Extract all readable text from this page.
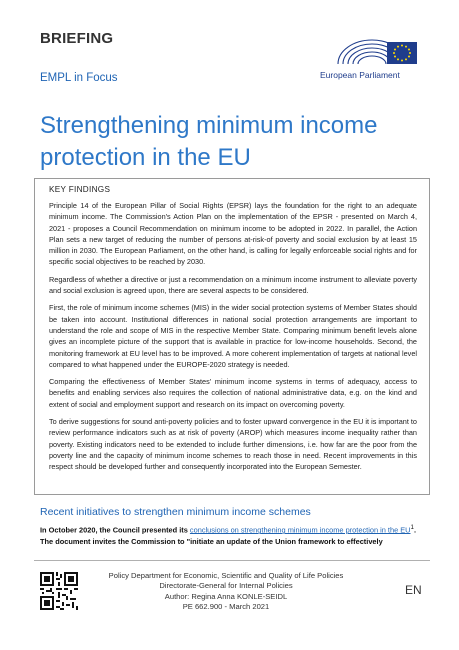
BRIEFING
European Parliament
EMPL in Focus
Strengthening minimum income
protection in the EU
KEY FINDINGS

Principle 14 of the European Pillar of Social Rights (EPSR) lays the foundation for the right to an adequate minimum income. The Commission's Action Plan on the implementation of the EPSR - presented on March 4, 2021 - proposes a Council Recommendation on minimum income to be adopted in 2022. In parallel, the Action Plan sets a new target of reducing the number of persons at-risk-of poverty and social exclusion by at least 15 million in 2030. The European Parliament, on the other hand, is calling for legally enforceable social rights and for specific social objectives to be reached by 2030.

Regardless of whether a directive or just a recommendation on a minimum income instrument to alleviate poverty and social exclusion is agreed upon, there are several aspects to be considered.

First, the role of minimum income schemes (MIS) in the wider social protection systems of Member States should be taken into account. Institutional differences in national social protection arrangements are important to understand the role and scope of MIS in the respective Member State. Comparing minimum benefit levels alone gives an incomplete picture of the support that is available in practice for low-income households. Second, the monitoring framework at EU level has to be improved. A more coherent implementation of targets at national level compared to what happened under the EUROPE-2020 strategy is needed.

Comparing the effectiveness of Member States' minimum income systems in terms of adequacy, access to benefits and enabling services also requires the collection of national administrative data, e.g. on the kind and extent of social and employment support and research on its impact on overcoming poverty.

To derive suggestions for sound anti-poverty policies and to foster upward convergence in the EU it is important to review performance indicators such as at risk of poverty (AROP) which measures income inequality rather than poverty. Existing indicators need to be extended to include further dimensions, i.e. how far are the poor from the poverty line and the capacity of minimum income schemes to reach those in need. Recent improvements in this respect should be developed further and consequently incorporated into the European Semester.

Recent initiatives to strengthen minimum income schemes
In October 2020, the Council presented its conclusions on strengthening minimum income protection in the $EU^1$. The document invites the Commission to "initiate an update of the Union framework to effectively
Policy Department for Economic, Scientific and Quality of Life Policies
Directorate-General for Internal Policies
Author: Regina Anna KONLE-SEIDL
PE 662.900 - March 2021
EN
